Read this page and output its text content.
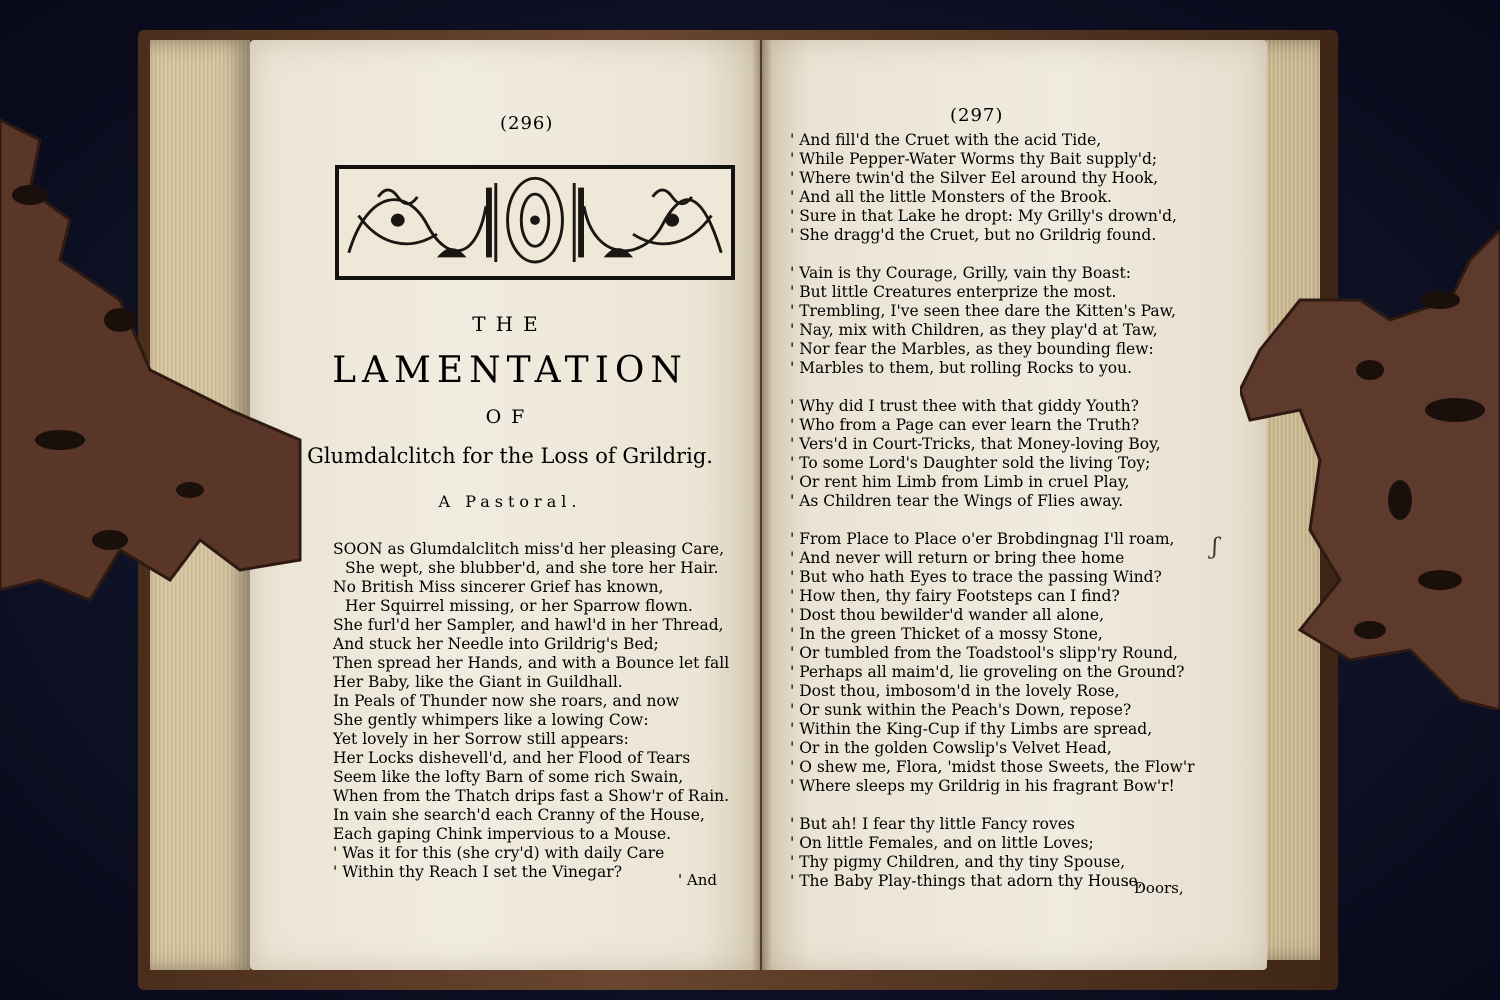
(296)
THE
LAMENTATION
OF
Glumdalclitch for the Loss of Grildrig.
A Pastoral.
SOON as Glumdalclitch miss'd her pleasing Care,
She wept, she blubber'd, and she tore her Hair.
No British Miss sincerer Grief has known,
Her Squirrel missing, or her Sparrow flown.
She furl'd her Sampler, and hawl'd in her Thread,
And stuck her Needle into Grildrig's Bed;
Then spread her Hands, and with a Bounce let fall
Her Baby, like the Giant in Guildhall.
In Peals of Thunder now she roars, and now
She gently whimpers like a lowing Cow:
Yet lovely in her Sorrow still appears:
Her Locks dishevell'd, and her Flood of Tears
Seem like the lofty Barn of some rich Swain,
When from the Thatch drips fast a Show'r of Rain.
In vain she search'd each Cranny of the House,
Each gaping Chink impervious to a Mouse.
' Was it for this (she cry'd) with daily Care
' Within thy Reach I set the Vinegar?	' And
(297)
' And fill'd the Cruet with the acid Tide,
' While Pepper-Water Worms thy Bait supply'd;
' Where twin'd the Silver Eel around thy Hook,
' And all the little Monsters of the Brook.
' Sure in that Lake he dropt: My Grilly's drown'd,
' She dragg'd the Cruet, but no Grildrig found.
' Vain is thy Courage, Grilly, vain thy Boast:
' But little Creatures enterprize the most.
' Trembling, I've seen thee dare the Kitten's Paw,
' Nay, mix with Children, as they play'd at Taw,
' Nor fear the Marbles, as they bounding flew:
' Marbles to them, but rolling Rocks to you.
' Why did I trust thee with that giddy Youth?
' Who from a Page can ever learn the Truth?
' Vers'd in Court-Tricks, that Money-loving Boy,
' To some Lord's Daughter sold the living Toy;
' Or rent him Limb from Limb in cruel Play,
' As Children tear the Wings of Flies away.
' From Place to Place o'er Brobdingnag I'll roam,
' And never will return or bring thee home
' But who hath Eyes to trace the passing Wind?
' How then, thy fairy Footsteps can I find?
' Dost thou bewilder'd wander all alone,
' In the green Thicket of a mossy Stone,
' Or tumbled from the Toadstool's slipp'ry Round,
' Perhaps all maim'd, lie groveling on the Ground?
' Dost thou, imbosom'd in the lovely Rose,
' Or sunk within the Peach's Down, repose?
' Within the King-Cup if thy Limbs are spread,
' Or in the golden Cowslip's Velvet Head,
' O shew me, Flora, 'midst those Sweets, the Flow'r
' Where sleeps my Grildrig in his fragrant Bow'r!
' But ah! I fear thy little Fancy roves
' On little Females, and on little Loves;
' Thy pigmy Children, and thy tiny Spouse,
' The Baby Play-things that adorn thy House,
' Doors,
ʃ
